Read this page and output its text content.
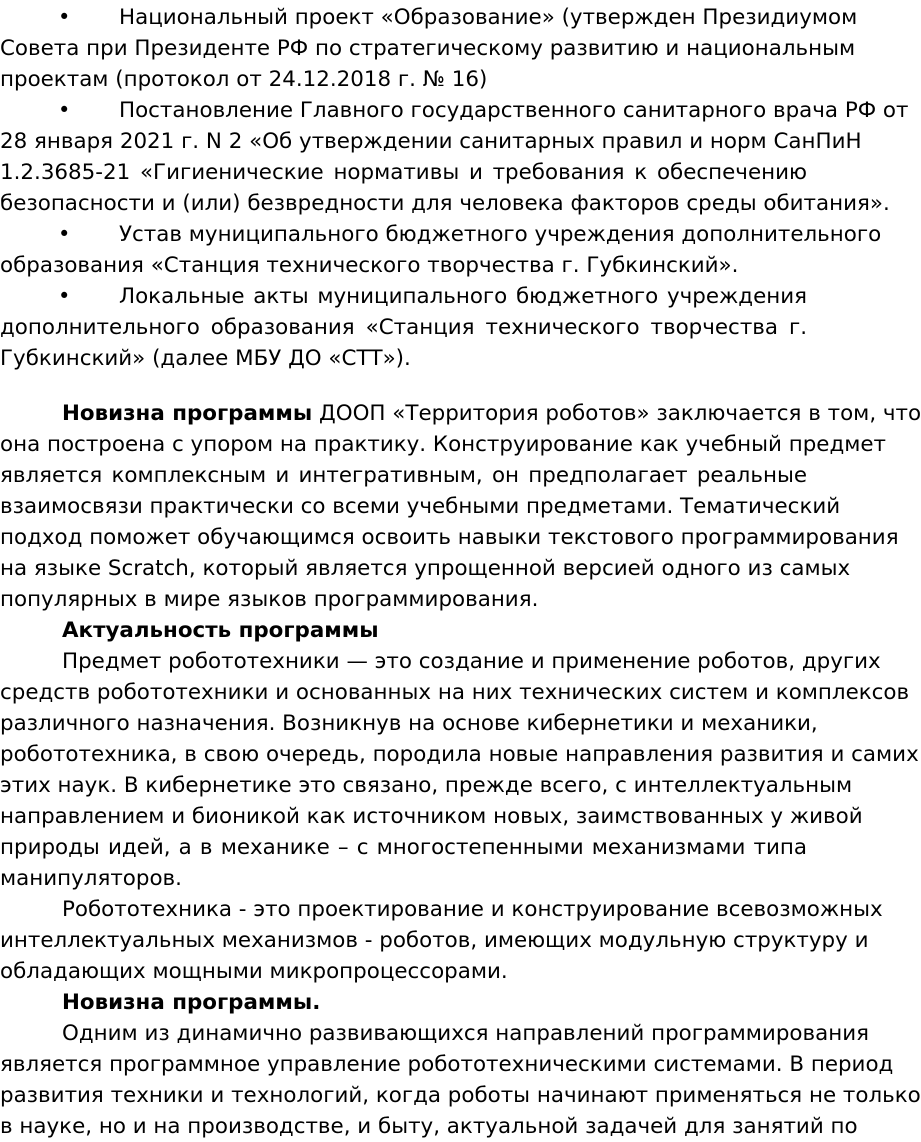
• Национальный проект «Образование» (утвержден Президиумом
Совета при Президенте РФ по стратегическому развитию и национальным
проектам (протокол от 24.12.2018 г. № 16)
• Постановление Главного государственного санитарного врача РФ от
28 января 2021 г. N 2 «Об утверждении санитарных правил и норм СанПиН
1.2.3685-21 «Гигиенические нормативы и требования к обеспечению
безопасности и (или) безвредности для человека факторов среды обитания».
• Устав муниципального бюджетного учреждения дополнительного
образования «Станция технического творчества г. Губкинский».
• Локальные акты муниципального бюджетного учреждения
дополнительного образования «Станция технического творчества г.
Губкинский» (далее МБУ ДО «СТТ»).
Новизна программы ДООП «Территория роботов» заключается в том, что
она построена с упором на практику. Конструирование как учебный предмет
является комплексным и интегративным, он предполагает реальные
взаимосвязи практически со всеми учебными предметами. Тематический
подход поможет обучающимся освоить навыки текстового программирования
на языке Scratch, который является упрощенной версией одного из самых
популярных в мире языков программирования.
Актуальность программы
Предмет робототехники — это создание и применение роботов, других
средств робототехники и основанных на них технических систем и комплексов
различного назначения. Возникнув на основе кибернетики и механики,
робототехника, в свою очередь, породила новые направления развития и самих
этих наук. В кибернетике это связано, прежде всего, с интеллектуальным
направлением и бионикой как источником новых, заимствованных у живой
природы идей, а в механике – с многостепенными механизмами типа
манипуляторов.
Робототехника - это проектирование и конструирование всевозможных
интеллектуальных механизмов - роботов, имеющих модульную структуру и
обладающих мощными микропроцессорами.
Новизна программы.
Одним из динамично развивающихся направлений программирования
является программное управление робототехническими системами. В период
развития техники и технологий, когда роботы начинают применяться не только
в науке, но и на производстве, и быту, актуальной задачей для занятий по
